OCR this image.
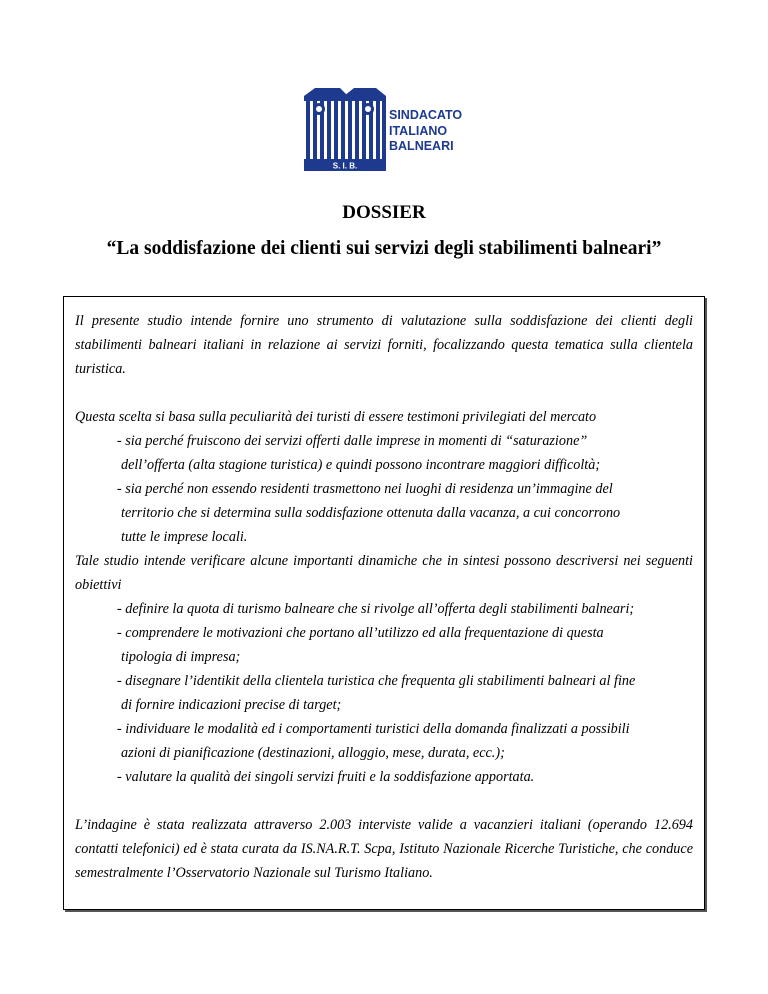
S. I. B.
SINDACATO
ITALIANO
BALNEARI
DOSSIER
“La soddisfazione dei clienti sui servizi degli stabilimenti balneari”
Il presente studio intende fornire uno strumento di valutazione sulla soddisfazione dei clienti degli stabilimenti balneari italiani in relazione ai servizi forniti, focalizzando questa tematica sulla clientela turistica.
Questa scelta si basa sulla peculiarità dei turisti di essere testimoni privilegiati del mercato
- sia perché fruiscono dei servizi offerti dalle imprese in momenti di “saturazione”
dell’offerta (alta stagione turistica) e quindi possono incontrare maggiori difficoltà;
- sia perché non essendo residenti trasmettono nei luoghi di residenza un’immagine del
territorio che si determina sulla soddisfazione ottenuta dalla vacanza, a cui concorrono
tutte le imprese locali.
Tale studio intende verificare alcune importanti dinamiche che in sintesi possono descriversi nei seguenti obiettivi
- definire la quota di turismo balneare che si rivolge all’offerta degli stabilimenti balneari;
- comprendere le motivazioni che portano all’utilizzo ed alla frequentazione di questa
tipologia di impresa;
- disegnare l’identikit della clientela turistica che frequenta gli stabilimenti balneari al fine
di fornire indicazioni precise di target;
- individuare le modalità ed i comportamenti turistici della domanda finalizzati a possibili
azioni di pianificazione (destinazioni, alloggio, mese, durata, ecc.);
- valutare la qualità dei singoli servizi fruiti e la soddisfazione apportata.
L’indagine è stata realizzata attraverso 2.003 interviste valide a vacanzieri italiani (operando 12.694 contatti telefonici) ed è stata curata da IS.NA.R.T. Scpa, Istituto Nazionale Ricerche Turistiche, che conduce semestralmente l’Osservatorio Nazionale sul Turismo Italiano.
